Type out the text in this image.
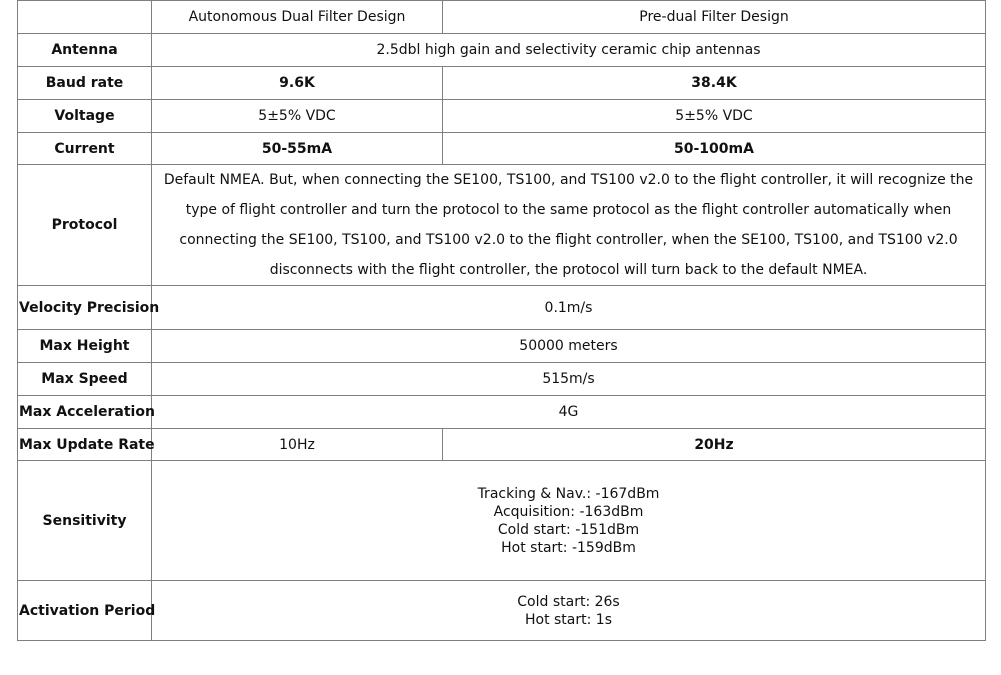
	Autonomous Dual Filter Design	Pre-dual Filter Design
Antenna	2.5dbl high gain and selectivity ceramic chip antennas	
Baud rate	9.6K	38.4K
Voltage	5±5% VDC	5±5% VDC
Current	50-55mA	50-100mA
Protocol	Default NMEA. But, when connecting the SE100, TS100, and TS100 v2.0 to the flight controller, it will recognize the
type of flight controller and turn the protocol to the same protocol as the flight controller automatically when
connecting the SE100, TS100, and TS100 v2.0 to the flight controller, when the SE100, TS100, and TS100 v2.0
disconnects with the flight controller, the protocol will turn back to the default NMEA.	

Velocity Precision	0.1m/s	
Max Height	50000 meters	
Max Speed	515m/s	
Max Acceleration	4G	
Max Update Rate	10Hz	20Hz
Sensitivity	Tracking & Nav.: -167dBm
Acquisition: -163dBm
Cold start: -151dBm
Hot start: -159dBm	

Activation Period	Cold start: 26s
Hot start: 1s	
